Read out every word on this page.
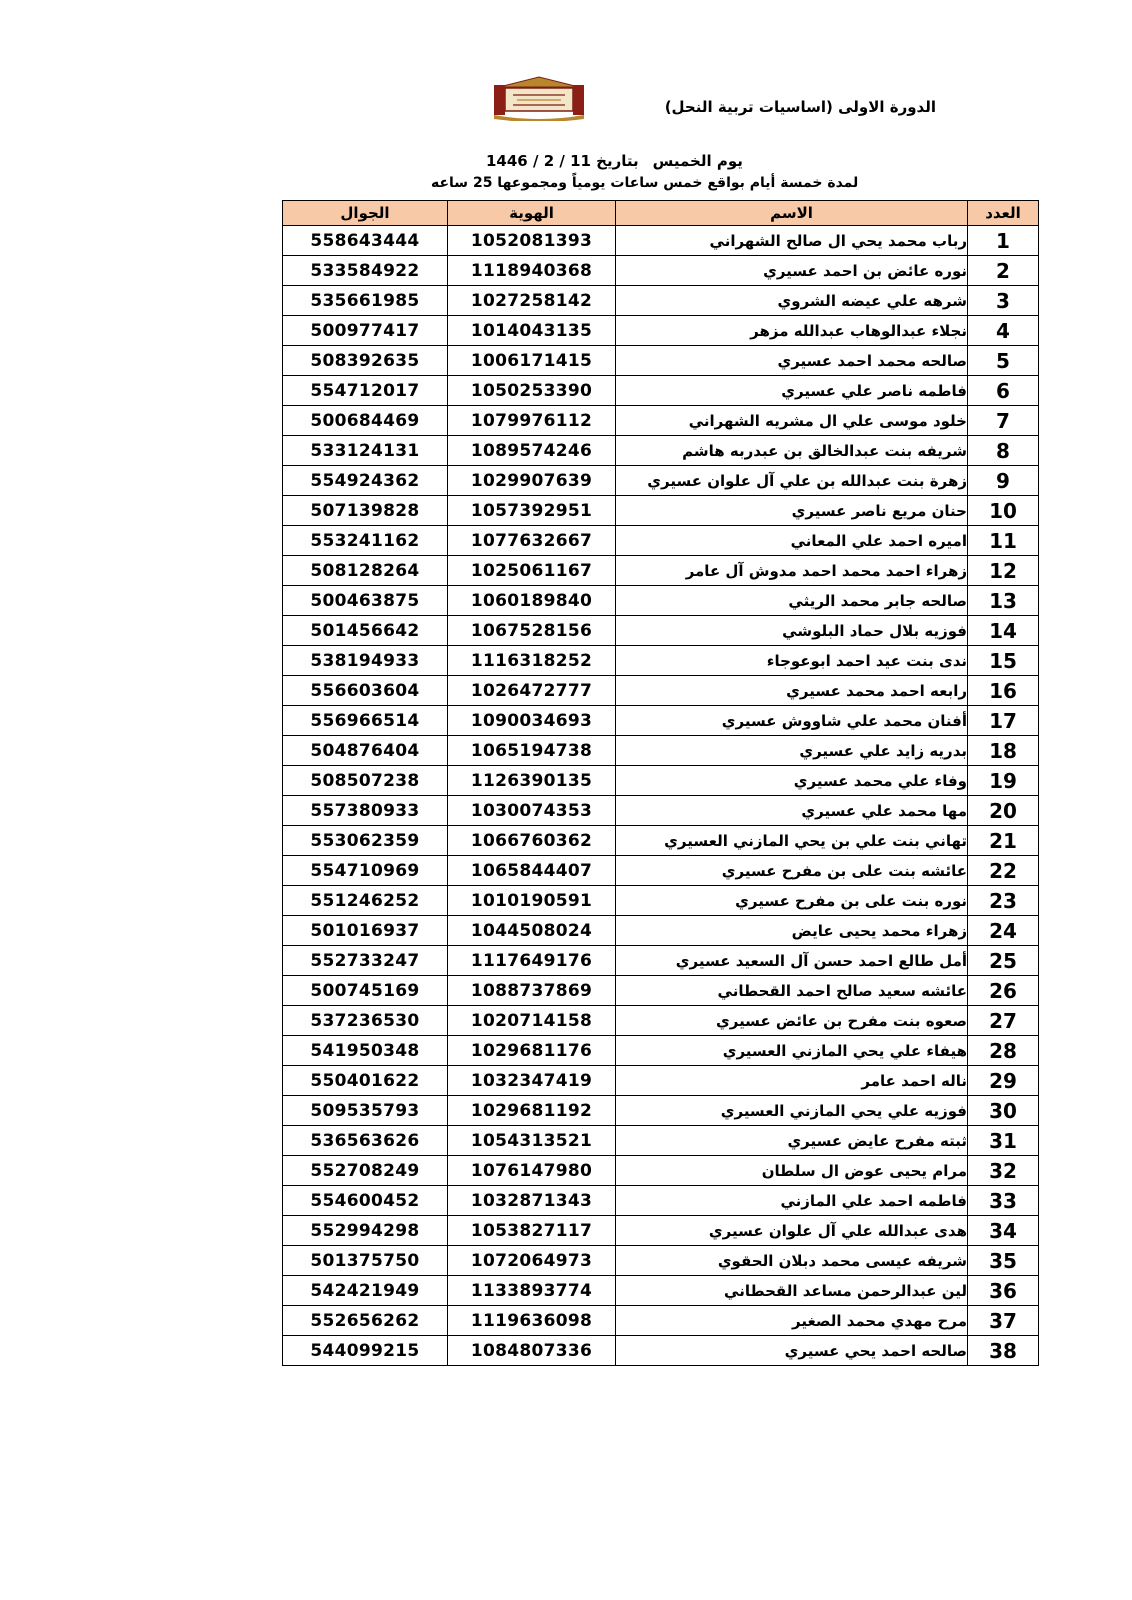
الدورة الاولى (اساسيات تربية النحل)
يوم الخميسبتاريخ 11 / 2 / 1446
لمدة خمسة أيام بواقع خمس ساعات يومياً ومجموعها 25 ساعه
العدد	الاسم	الهوية	الجوال
1	رباب محمد يحي ال صالح الشهراني	1052081393	558643444
2	نوره عائض بن احمد عسيري	1118940368	533584922
3	شرهه علي عيضه الشروي	1027258142	535661985
4	نجلاء عبدالوهاب عبدالله مزهر	1014043135	500977417
5	صالحه محمد احمد عسيري	1006171415	508392635
6	فاطمه ناصر علي عسيري	1050253390	554712017
7	خلود موسى علي ال مشريه الشهراني	1079976112	500684469
8	شريفه بنت عبدالخالق بن عبدربه هاشم	1089574246	533124131
9	زهرة بنت عبدالله بن علي آل علوان عسيري	1029907639	554924362
10	حنان مريع ناصر عسيري	1057392951	507139828
11	اميره احمد علي المعاني	1077632667	553241162
12	زهراء احمد محمد احمد مدوش آل عامر	1025061167	508128264
13	صالحه جابر محمد الريثي	1060189840	500463875
14	فوزيه بلال حماد البلوشي	1067528156	501456642
15	ندى بنت عيد احمد ابوعوجاء	1116318252	538194933
16	رابعه احمد محمد عسيري	1026472777	556603604
17	أفنان محمد علي شاووش عسيري	1090034693	556966514
18	بدريه زايد علي عسيري	1065194738	504876404
19	وفاء علي محمد عسيري	1126390135	508507238
20	مها محمد علي عسيري	1030074353	557380933
21	تهاني بنت علي بن يحي المازني العسيري	1066760362	553062359
22	عائشه بنت على بن مفرح عسيري	1065844407	554710969
23	نوره بنت على بن مفرح عسيري	1010190591	551246252
24	زهراء محمد يحيى عايض	1044508024	501016937
25	أمل طالع احمد حسن آل السعيد عسيري	1117649176	552733247
26	عائشه سعيد صالح احمد القحطاني	1088737869	500745169
27	صعوه بنت مفرح بن عائض عسيري	1020714158	537236530
28	هيفاء علي يحي المازني العسيري	1029681176	541950348
29	ناله احمد عامر	1032347419	550401622
30	فوزيه علي يحي المازني العسيري	1029681192	509535793
31	ثبته مفرح عايض عسيري	1054313521	536563626
32	مرام يحيى عوض ال سلطان	1076147980	552708249
33	فاطمه احمد علي المازني	1032871343	554600452
34	هدى عبدالله علي آل علوان عسيري	1053827117	552994298
35	شريفه عيسى محمد دبلان الحقوي	1072064973	501375750
36	لين عبدالرحمن مساعد القحطاني	1133893774	542421949
37	مرح مهدي محمد الصغير	1119636098	552656262
38	صالحه احمد يحي عسيري	1084807336	544099215
